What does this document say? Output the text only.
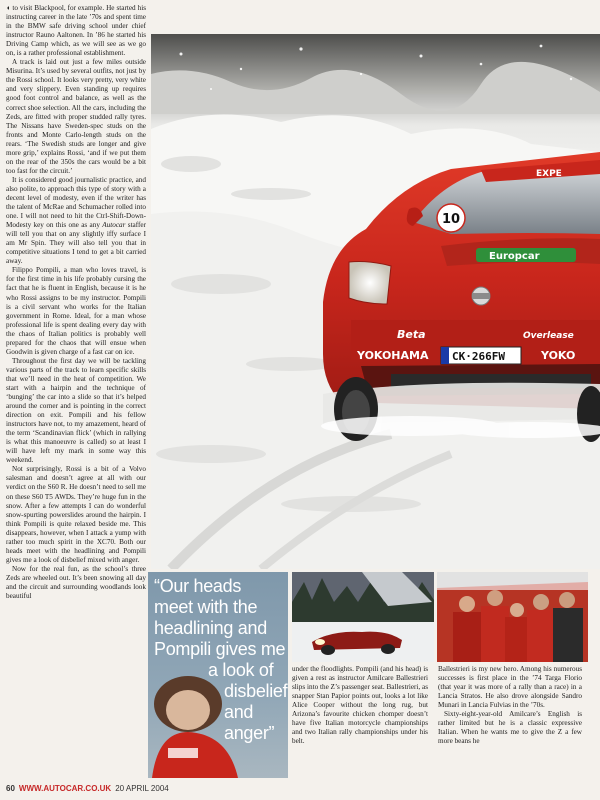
◖ to visit Blackpool, for example. He started his instructing career in the late ’70s and spent time in the BMW safe driving school under chief instructor Rauno Aaltonen. In ’86 he started his Driving Camp which, as we will see as we go on, is a rather professional establishment.

A track is laid out just a few miles outside Misurina. It’s used by several outfits, not just by the Rossi school. It looks very pretty, very white and very slippery. Even standing up requires good foot control and balance, as well as the correct shoe selection. All the cars, including the Zeds, are fitted with proper studded rally tyres. The Nissans have Sweden-spec studs on the fronts and Monte Carlo-length studs on the rears. ‘The Swedish studs are longer and give more grip,’ explains Rossi, ‘and if we put them on the rear of the 350s the cars would be a bit too fast for the circuit.’

It is considered good journalistic practice, and also polite, to approach this type of story with a decent level of modesty, even if the writer has the talent of McRae and Schumacher rolled into one. I will not need to hit the Ctrl-Shift-Down-Modesty key on this one as any Autocar staffer will tell you that on any slightly iffy surface I am Mr Spin. They will also tell you that in competitive situations I tend to get a bit carried away.

Filippo Pompili, a man who loves travel, is for the first time in his life probably cursing the fact that he is fluent in English, because it is he who Rossi assigns to be my instructor. Pompili is a civil servant who works for the Italian government in Rome. Ideal, for a man whose professional life is spent dealing every day with the chaos of Italian politics is probably well prepared for the chaos that will ensue when Goodwin is given charge of a fast car on ice.

Throughout the first day we will be tackling various parts of the track to learn specific skills that we’ll need in the heat of competition. We start with a hairpin and the technique of ‘bunging’ the car into a slide so that it’s helped around the corner and is pointing in the correct direction on exit. Pompili and his fellow instructors have not, to my amazement, heard of the term ‘Scandinavian flick’ (which in rallying is what this manoeuvre is called) so at least I will have left my mark in some way this weekend.

Not surprisingly, Rossi is a bit of a Volvo salesman and doesn’t agree at all with our verdict on the S60 R. He doesn’t need to sell me on these S60 T5 AWDs. They’re huge fun in the snow. After a few attempts I can do wonderful snow-spurting powerslides around the hairpin. I think Pompili is quite relaxed beside me. This disappears, however, when I attack a yump with rather too much spirit in the XC70. Both our heads meet with the headlining and Pompili gives me a look of disbelief mixed with anger.

Now for the real fun, as the school’s three Zeds are wheeled out. It’s been snowing all day and the circuit and surrounding woodlands look beautiful

EXPE
10
Europcar
Beta	Overlease
YOKOHAMA CK·266FW	YOKO
“Our heads
meet with the
headlining and
Pompili gives me
a look of
disbelief
and
anger”

under the floodlights. Pompili (and his head) is given a rest as instructor Amilcare Ballestrieri slips into the Z’s passenger seat. Ballestrieri, as snapper Stan Papior points out, looks a lot like Alice Cooper without the long rug, but Arizona’s favourite chicken chomper doesn’t have five Italian motorcycle championships and two Italian rally championships under his belt.

Ballestrieri is my new hero. Among his numerous successes is first place in the ’74 Targa Florio (that year it was more of a rally than a race) in a Lancia Stratos. He also drove alongside Sandro Munari in Lancia Fulvias in the ’70s.

Sixty-eight-year-old Amilcare’s English is rather limited but he is a classic expressive Italian. When he wants me to give the Z a few more beans he

60 WWW.AUTOCAR.CO.UK 20 APRIL 2004
